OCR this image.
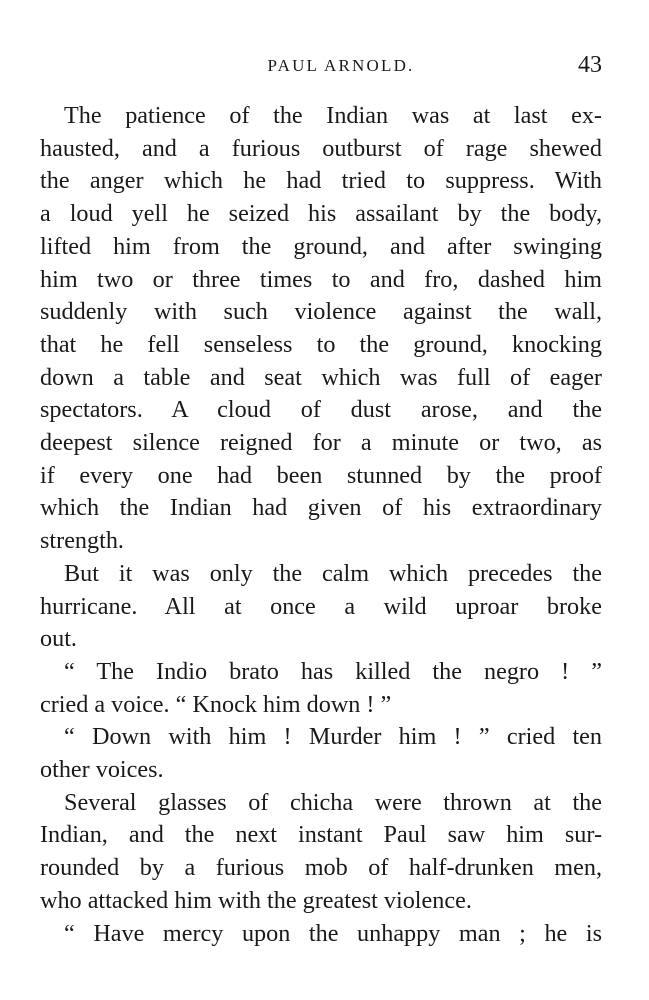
PAUL ARNOLD.	43

The patience of the Indian was at last ex-
hausted, and a furious outburst of rage shewed
the anger which he had tried to suppress. With
a loud yell he seized his assailant by the body,
lifted him from the ground, and after swinging
him two or three times to and fro, dashed him
suddenly with such violence against the wall,
that he fell senseless to the ground, knocking
down a table and seat which was full of eager
spectators. A cloud of dust arose, and the
deepest silence reigned for a minute or two, as
if every one had been stunned by the proof
which the Indian had given of his extraordinary
strength.

But it was only the calm which precedes the
hurricane. All at once a wild uproar broke
out.

“ The Indio brato has killed the negro ! ”
cried a voice. “ Knock him down ! ”

“ Down with him ! Murder him ! ” cried ten
other voices.

Several glasses of chicha were thrown at the
Indian, and the next instant Paul saw him sur-
rounded by a furious mob of half-drunken men,
who attacked him with the greatest violence.

“ Have mercy upon the unhappy man ; he is
